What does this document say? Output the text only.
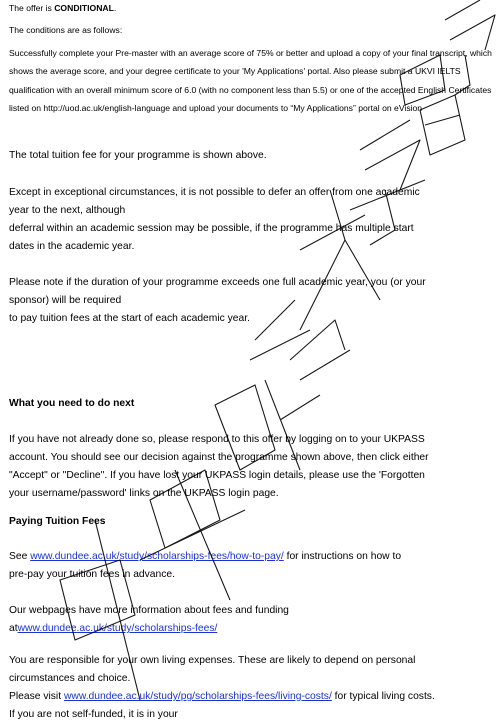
The offer is CONDITIONAL.
The conditions are as follows:
Successfully complete your Pre-master with an average score of 75% or better and upload a copy of your final transcript, which shows the average score, and your degree certificate to your 'My Applications' portal. Also please submit a UKVI IELTS qualification with an overall minimum score of 6.0 (with no component less than 5.5) or one of the accepted English Certificates listed on http://uod.ac.uk/english-language and upload your documents to “My Applications” portal on eVision
The total tuition fee for your programme is shown above.
Except in exceptional circumstances, it is not possible to defer an offer from one academic
year to the next, although
deferral within an academic session may be possible, if the programme has multiple start
dates in the academic year.
Please note if the duration of your programme exceeds one full academic year, you (or your
sponsor) will be required
to pay tuition fees at the start of each academic year.
What you need to do next
If you have not already done so, please respond to this offer by logging on to your UKPASS
account. You should see our decision against the programme shown above, then click either
"Accept" or "Decline". If you have lost your UKPASS login details, please use the 'Forgotten
your username/password' links on the UKPASS login page.
Paying Tuition Fees
See www.dundee.ac.uk/study/scholarships-fees/how-to-pay/ for instructions on how to
pre-pay your tuition fees in advance.
Our webpages have more information about fees and funding
atwww.dundee.ac.uk/study/scholarships-fees/
You are responsible for your own living expenses. These are likely to depend on personal
circumstances and choice.
Please visit www.dundee.ac.uk/study/pg/scholarships-fees/living-costs/ for typical living costs.
If you are not self-funded, it is in your
